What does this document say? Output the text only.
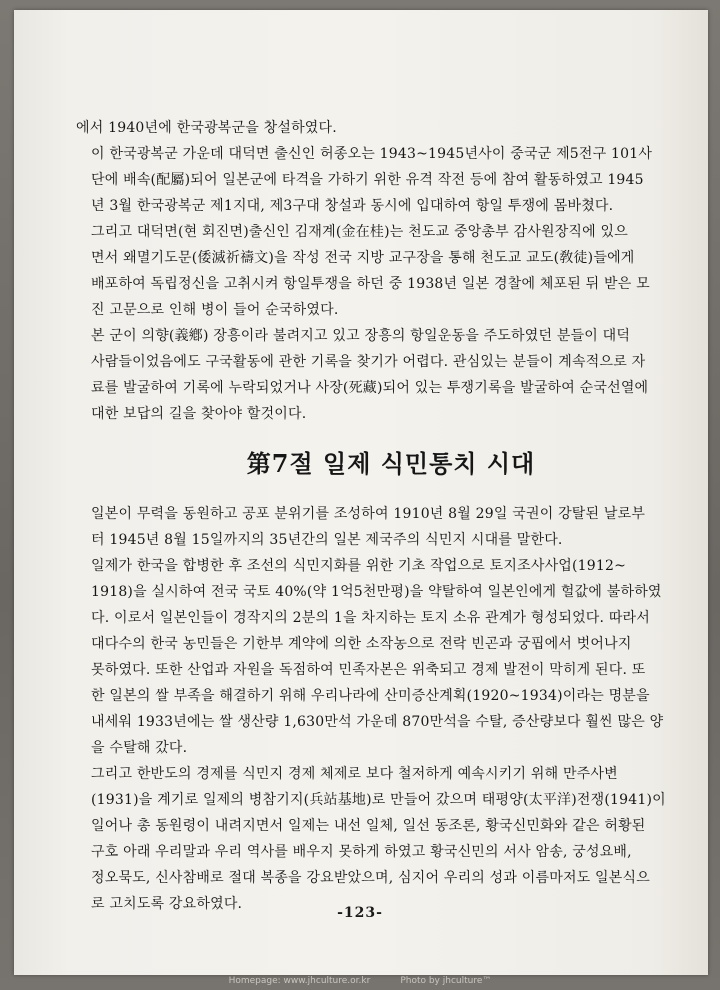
에서 1940년에 한국광복군을 창설하였다.

이 한국광복군 가운데 대덕면 출신인 허종오는 1943~1945년사이 중국군 제5전구 101사
단에 배속(配屬)되어 일본군에 타격을 가하기 위한 유격 작전 등에 참여 활동하였고 1945
년 3월 한국광복군 제1지대, 제3구대 창설과 동시에 입대하여 항일 투쟁에 몸바쳤다.

그리고 대덕면(현 회진면)출신인 김재계(金在桂)는 천도교 중앙총부 감사원장직에 있으
면서 왜멸기도문(倭滅祈禱文)을 작성 전국 지방 교구장을 통해 천도교 교도(敎徒)들에게
배포하여 독립정신을 고취시켜 항일투쟁을 하던 중 1938년 일본 경찰에 체포된 뒤 받은 모
진 고문으로 인해 병이 들어 순국하였다.

본 군이 의향(義鄕) 장흥이라 불려지고 있고 장흥의 항일운동을 주도하였던 분들이 대덕
사람들이었음에도 구국활동에 관한 기록을 찾기가 어렵다. 관심있는 분들이 계속적으로 자
료를 발굴하여 기록에 누락되었거나 사장(死藏)되어 있는 투쟁기록을 발굴하여 순국선열에
대한 보답의 길을 찾아야 할것이다.

第7절 일제 식민통치 시대

일본이 무력을 동원하고 공포 분위기를 조성하여 1910년 8월 29일 국권이 강탈된 날로부
터 1945년 8월 15일까지의 35년간의 일본 제국주의 식민지 시대를 말한다.

일제가 한국을 합병한 후 조선의 식민지화를 위한 기초 작업으로 토지조사사업(1912~
1918)을 실시하여 전국 국토 40%(약 1억5천만평)을 약탈하여 일본인에게 헐값에 불하하였
다. 이로서 일본인들이 경작지의 2분의 1을 차지하는 토지 소유 관계가 형성되었다. 따라서
대다수의 한국 농민들은 기한부 계약에 의한 소작농으로 전락 빈곤과 궁핍에서 벗어나지
못하였다. 또한 산업과 자원을 독점하여 민족자본은 위축되고 경제 발전이 막히게 된다. 또
한 일본의 쌀 부족을 해결하기 위해 우리나라에 산미증산계획(1920~1934)이라는 명분을
내세워 1933년에는 쌀 생산량 1,630만석 가운데 870만석을 수탈, 증산량보다 훨씬 많은 양
을 수탈해 갔다.

그리고 한반도의 경제를 식민지 경제 체제로 보다 철저하게 예속시키기 위해 만주사변
(1931)을 계기로 일제의 병참기지(兵站基地)로 만들어 갔으며 태평양(太平洋)전쟁(1941)이
일어나 총 동원령이 내려지면서 일제는 내선 일체, 일선 동조론, 황국신민화와 같은 허황된
구호 아래 우리말과 우리 역사를 배우지 못하게 하였고 황국신민의 서사 암송, 궁성요배,
정오묵도, 신사참배로 절대 복종을 강요받았으며, 심지어 우리의 성과 이름마저도 일본식으
로 고치도록 강요하였다.

-123-
Homepage: www.jhculture.or.kr	Photo by jhculture™
